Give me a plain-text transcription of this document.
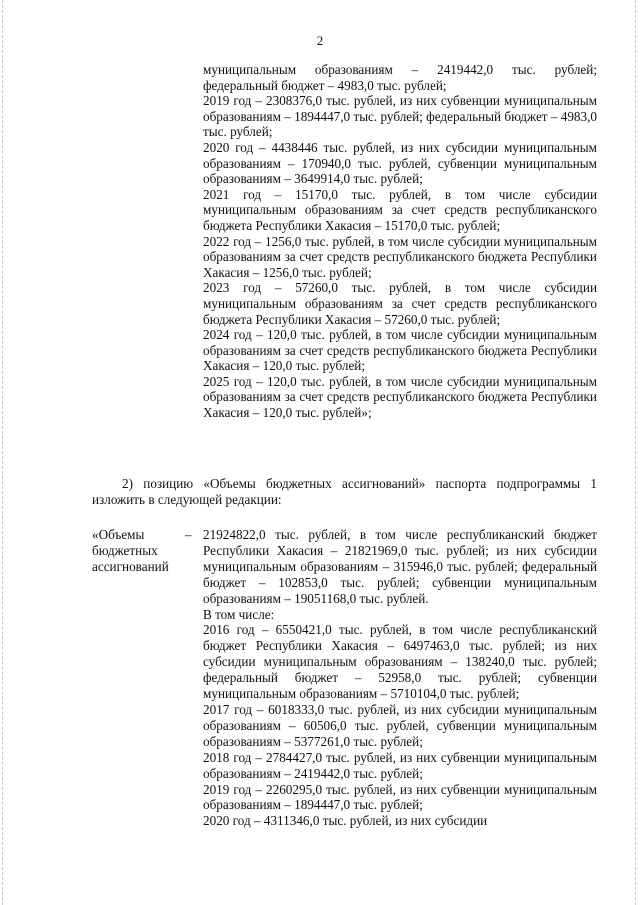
2

муниципальным образованиям – 2419442,0 тыс. рублей; федеральный бюджет – 4983,0 тыс. рублей;

2019 год – 2308376,0 тыс. рублей, из них субвенции муниципальным образованиям – 1894447,0 тыс. рублей; федеральный бюджет – 4983,0 тыс. рублей;

2020 год – 4438446 тыс. рублей, из них субсидии муниципальным образованиям – 170940,0 тыс. рублей, субвенции муниципальным образованиям – 3649914,0 тыс. рублей;

2021 год – 15170,0 тыс. рублей, в том числе субсидии муниципальным образованиям за счет средств республиканского бюджета Республики Хакасия – 15170,0 тыс. рублей;

2022 год – 1256,0 тыс. рублей, в том числе субсидии муниципальным образованиям за счет средств республиканского бюджета Республики Хакасия – 1256,0 тыс. рублей;

2023 год – 57260,0 тыс. рублей, в том числе субсидии муниципальным образованиям за счет средств республиканского бюджета Республики Хакасия – 57260,0 тыс. рублей;

2024 год – 120,0 тыс. рублей, в том числе субсидии муниципальным образованиям за счет средств республиканского бюджета Республики Хакасия – 120,0 тыс. рублей;

2025 год – 120,0 тыс. рублей, в том числе субсидии муниципальным образованиям за счет средств республиканского бюджета Республики Хакасия – 120,0 тыс. рублей»;

2) позицию «Объемы бюджетных ассигнований» паспорта подпрограммы 1
изложить в следующей редакции:
«Объемы бюджетных ассигнований
– 21924822,0 тыс. рублей, в том числе республиканский бюджет Республики Хакасия – 21821969,0 тыс. рублей; из них субсидии муниципальным образованиям – 315946,0 тыс. рублей; федеральный бюджет – 102853,0 тыс. рублей; субвенции муниципальным образованиям – 19051168,0 тыс. рублей.

В том числе:

2016 год – 6550421,0 тыс. рублей, в том числе республиканский бюджет Республики Хакасия – 6497463,0 тыс. рублей; из них субсидии муниципальным образованиям – 138240,0 тыс. рублей; федеральный бюджет – 52958,0 тыс. рублей; субвенции муниципальным образованиям – 5710104,0 тыс. рублей;

2017 год – 6018333,0 тыс. рублей, из них субсидии муниципальным образованиям – 60506,0 тыс. рублей, субвенции муниципальным образованиям – 5377261,0 тыс. рублей;

2018 год – 2784427,0 тыс. рублей, из них субвенции муниципальным образованиям – 2419442,0 тыс. рублей;

2019 год – 2260295,0 тыс. рублей, из них субвенции муниципальным образованиям – 1894447,0 тыс. рублей;

2020 год – 4311346,0 тыс. рублей, из них субсидии
